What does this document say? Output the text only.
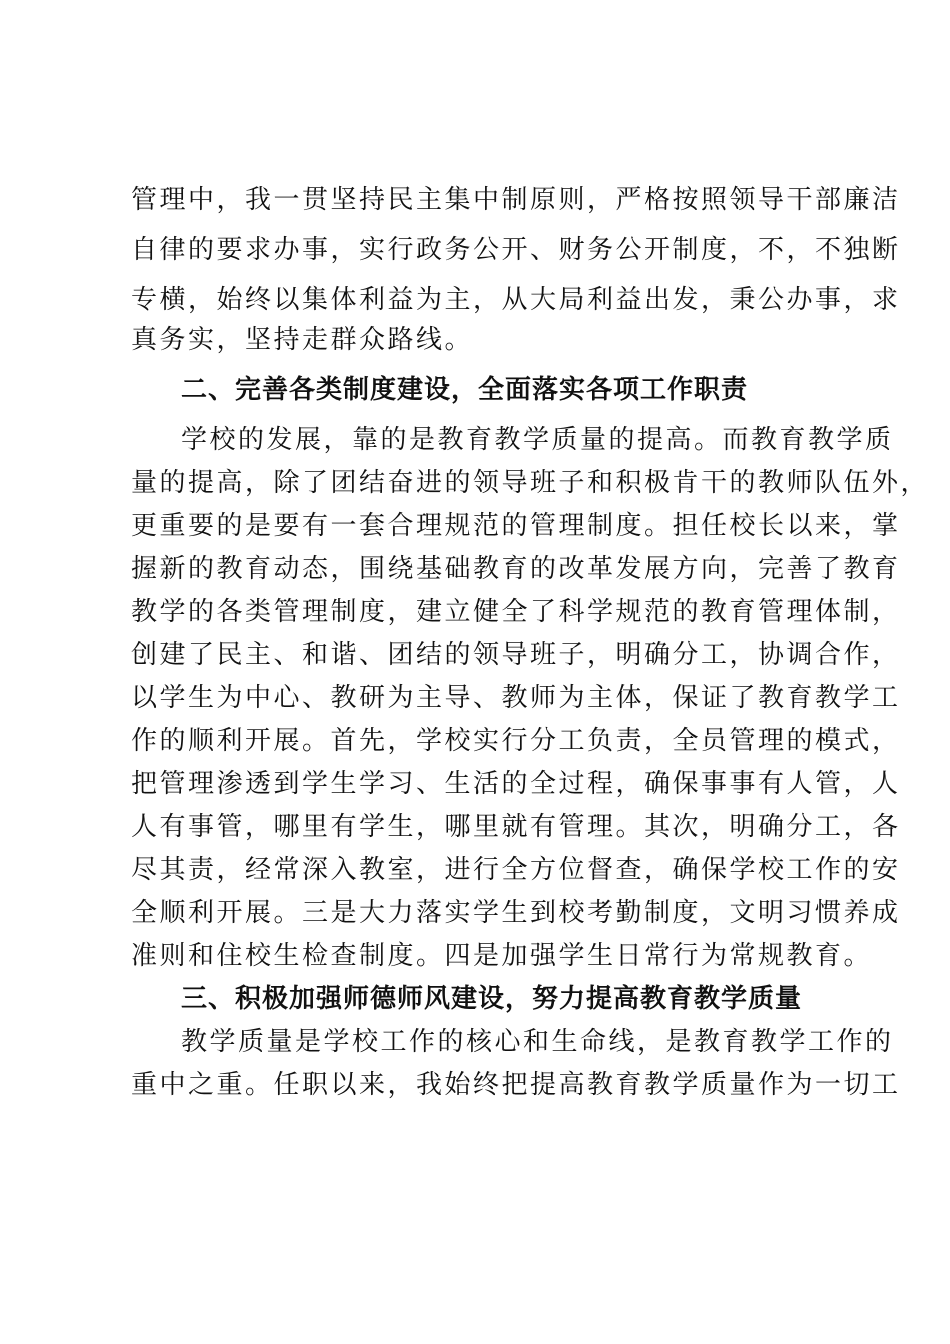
管理中，我一贯坚持民主集中制原则，严格按照领导干部廉洁
自律的要求办事，实行政务公开、财务公开制度，不，不独断
专横，始终以集体利益为主，从大局利益出发，秉公办事，求
真务实，坚持走群众路线。
二、完善各类制度建设，全面落实各项工作职责
学校的发展，靠的是教育教学质量的提高。而教育教学质
量的提高，除了团结奋进的领导班子和积极肯干的教师队伍外，
更重要的是要有一套合理规范的管理制度。担任校长以来，掌
握新的教育动态，围绕基础教育的改革发展方向，完善了教育
教学的各类管理制度，建立健全了科学规范的教育管理体制，
创建了民主、和谐、团结的领导班子，明确分工，协调合作，
以学生为中心、教研为主导、教师为主体，保证了教育教学工
作的顺利开展。首先，学校实行分工负责，全员管理的模式，
把管理渗透到学生学习、生活的全过程，确保事事有人管，人
人有事管，哪里有学生，哪里就有管理。其次，明确分工，各
尽其责，经常深入教室，进行全方位督查，确保学校工作的安
全顺利开展。三是大力落实学生到校考勤制度，文明习惯养成
准则和住校生检查制度。四是加强学生日常行为常规教育。
三、积极加强师德师风建设，努力提高教育教学质量
教学质量是学校工作的核心和生命线，是教育教学工作的
重中之重。任职以来，我始终把提高教育教学质量作为一切工
